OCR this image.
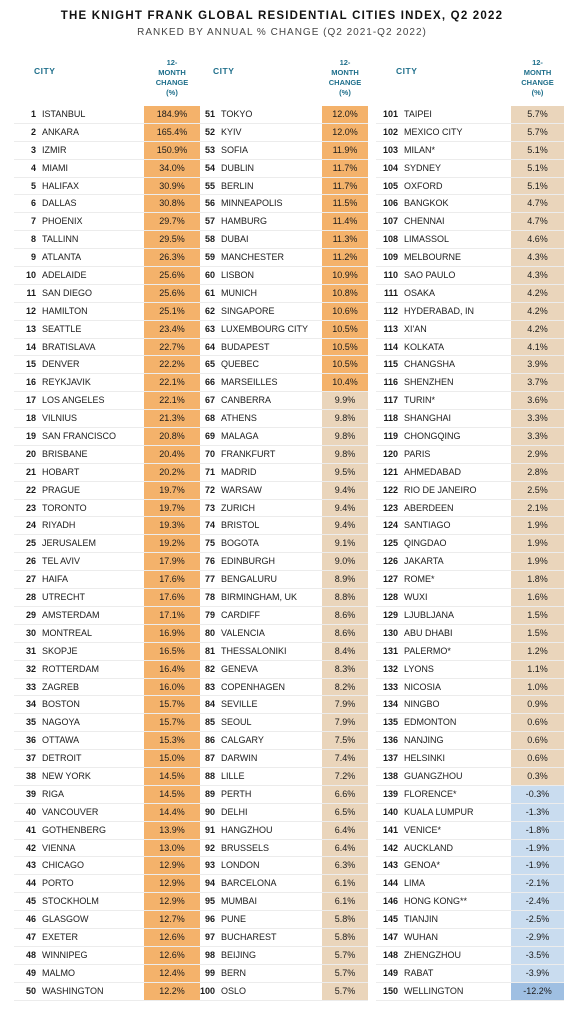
THE KNIGHT FRANK GLOBAL RESIDENTIAL CITIES INDEX, Q2 2022
RANKED BY ANNUAL % CHANGE (Q2 2021-Q2 2022)
CITY
12-
MONTH
CHANGE
(%)
1 ISTANBUL	184.9%
2 ANKARA	165.4%
3 IZMIR	150.9%
4 MIAMI	34.0%
5 HALIFAX	30.9%
6 DALLAS	30.8%
7 PHOENIX	29.7%
8 TALLINN	29.5%
9 ATLANTA	26.3%
10 ADELAIDE	25.6%
11 SAN DIEGO	25.6%
12 HAMILTON	25.1%
13 SEATTLE	23.4%
14 BRATISLAVA	22.7%
15 DENVER	22.2%
16 REYKJAVIK	22.1%
17 LOS ANGELES	22.1%
18 VILNIUS	21.3%
19 SAN FRANCISCO	20.8%
20 BRISBANE	20.4%
21 HOBART	20.2%
22 PRAGUE	19.7%
23 TORONTO	19.7%
24 RIYADH	19.3%
25 JERUSALEM	19.2%
26 TEL AVIV	17.9%
27 HAIFA	17.6%
28 UTRECHT	17.6%
29 AMSTERDAM	17.1%
30 MONTREAL	16.9%
31 SKOPJE	16.5%
32 ROTTERDAM	16.4%
33 ZAGREB	16.0%
34 BOSTON	15.7%
35 NAGOYA	15.7%
36 OTTAWA	15.3%
37 DETROIT	15.0%
38 NEW YORK	14.5%
39 RIGA	14.5%
40 VANCOUVER	14.4%
41 GOTHENBERG	13.9%
42 VIENNA	13.0%
43 CHICAGO	12.9%
44 PORTO	12.9%
45 STOCKHOLM	12.9%
46 GLASGOW	12.7%
47 EXETER	12.6%
48 WINNIPEG	12.6%
49 MALMO	12.4%
50 WASHINGTON	12.2%
CITY
12-
MONTH
CHANGE
(%)
51 TOKYO	12.0%
52 KYIV	12.0%
53 SOFIA	11.9%
54 DUBLIN	11.7%
55 BERLIN	11.7%
56 MINNEAPOLIS	11.5%
57 HAMBURG	11.4%
58 DUBAI	11.3%
59 MANCHESTER	11.2%
60 LISBON	10.9%
61 MUNICH	10.8%
62 SINGAPORE	10.6%
63 LUXEMBOURG CITY	10.5%
64 BUDAPEST	10.5%
65 QUEBEC	10.5%
66 MARSEILLES	10.4%
67 CANBERRA	9.9%
68 ATHENS	9.8%
69 MALAGA	9.8%
70 FRANKFURT	9.8%
71 MADRID	9.5%
72 WARSAW	9.4%
73 ZURICH	9.4%
74 BRISTOL	9.4%
75 BOGOTA	9.1%
76 EDINBURGH	9.0%
77 BENGALURU	8.9%
78 BIRMINGHAM, UK	8.8%
79 CARDIFF	8.6%
80 VALENCIA	8.6%
81 THESSALONIKI	8.4%
82 GENEVA	8.3%
83 COPENHAGEN	8.2%
84 SEVILLE	7.9%
85 SEOUL	7.9%
86 CALGARY	7.5%
87 DARWIN	7.4%
88 LILLE	7.2%
89 PERTH	6.6%
90 DELHI	6.5%
91 HANGZHOU	6.4%
92 BRUSSELS	6.4%
93 LONDON	6.3%
94 BARCELONA	6.1%
95 MUMBAI	6.1%
96 PUNE	5.8%
97 BUCHAREST	5.8%
98 BEIJING	5.7%
99 BERN	5.7%
100 OSLO	5.7%
CITY
12-
MONTH
CHANGE
(%)
101 TAIPEI	5.7%
102 MEXICO CITY	5.7%
103 MILAN*	5.1%
104 SYDNEY	5.1%
105 OXFORD	5.1%
106 BANGKOK	4.7%
107 CHENNAI	4.7%
108 LIMASSOL	4.6%
109 MELBOURNE	4.3%
110 SAO PAULO	4.3%
111 OSAKA	4.2%
112 HYDERABAD, IN	4.2%
113 XI'AN	4.2%
114 KOLKATA	4.1%
115 CHANGSHA	3.9%
116 SHENZHEN	3.7%
117 TURIN*	3.6%
118 SHANGHAI	3.3%
119 CHONGQING	3.3%
120 PARIS	2.9%
121 AHMEDABAD	2.8%
122 RIO DE JANEIRO	2.5%
123 ABERDEEN	2.1%
124 SANTIAGO	1.9%
125 QINGDAO	1.9%
126 JAKARTA	1.9%
127 ROME*	1.8%
128 WUXI	1.6%
129 LJUBLJANA	1.5%
130 ABU DHABI	1.5%
131 PALERMO*	1.2%
132 LYONS	1.1%
133 NICOSIA	1.0%
134 NINGBO	0.9%
135 EDMONTON	0.6%
136 NANJING	0.6%
137 HELSINKI	0.6%
138 GUANGZHOU	0.3%
139 FLORENCE*	-0.3%
140 KUALA LUMPUR	-1.3%
141 VENICE*	-1.8%
142 AUCKLAND	-1.9%
143 GENOA*	-1.9%
144 LIMA	-2.1%
146 HONG KONG**	-2.4%
145 TIANJIN	-2.5%
147 WUHAN	-2.9%
148 ZHENGZHOU	-3.5%
149 RABAT	-3.9%
150 WELLINGTON	-12.2%
